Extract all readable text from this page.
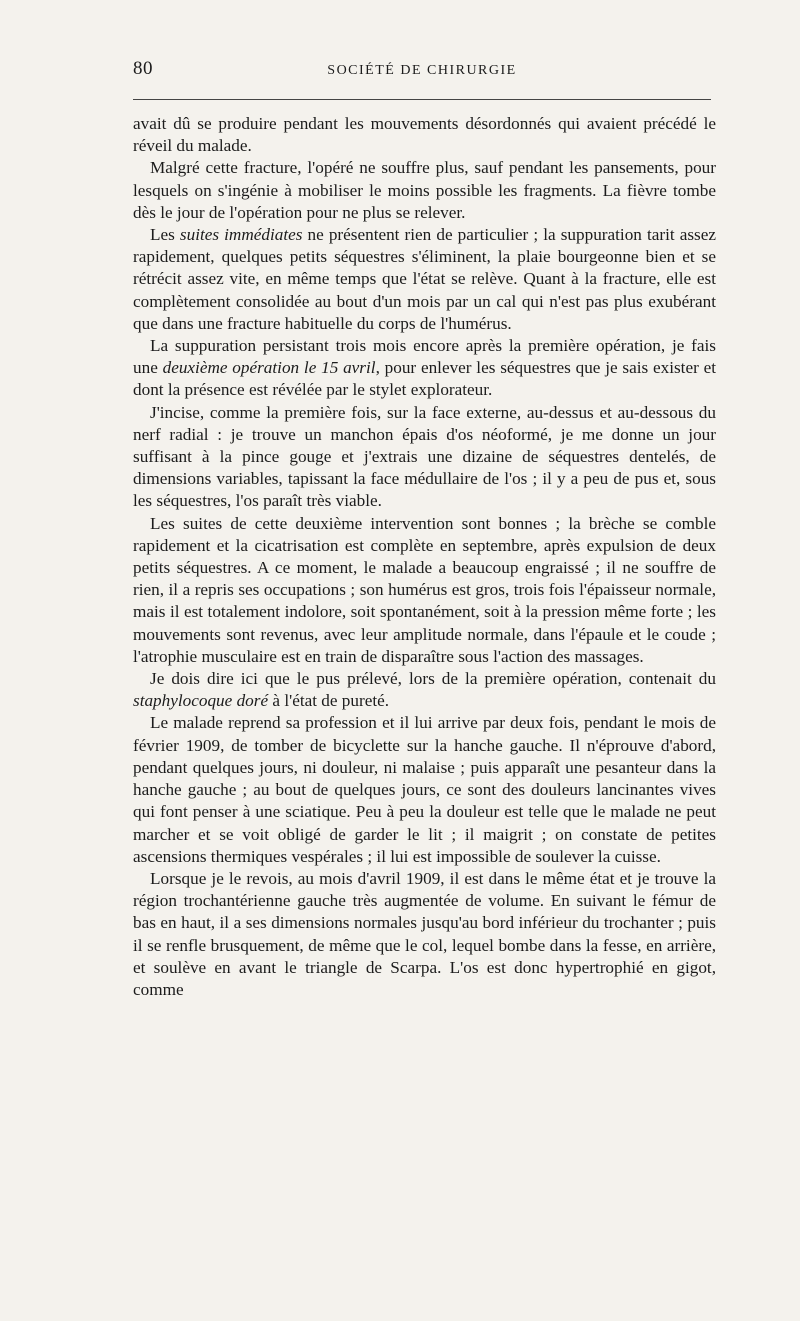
80	SOCIÉTÉ DE CHIRURGIE

avait dû se produire pendant les mouvements désordonnés qui avaient précédé le réveil du malade.

Malgré cette fracture, l'opéré ne souffre plus, sauf pendant les pansements, pour lesquels on s'ingénie à mobiliser le moins possible les fragments. La fièvre tombe dès le jour de l'opération pour ne plus se relever.

Les suites immédiates ne présentent rien de particulier ; la suppuration tarit assez rapidement, quelques petits séquestres s'éliminent, la plaie bourgeonne bien et se rétrécit assez vite, en même temps que l'état se relève. Quant à la fracture, elle est complètement consolidée au bout d'un mois par un cal qui n'est pas plus exubérant que dans une fracture habituelle du corps de l'humérus.

La suppuration persistant trois mois encore après la première opération, je fais une deuxième opération le 15 avril, pour enlever les séquestres que je sais exister et dont la présence est révélée par le stylet explorateur.

J'incise, comme la première fois, sur la face externe, au-dessus et au-dessous du nerf radial : je trouve un manchon épais d'os néoformé, je me donne un jour suffisant à la pince gouge et j'extrais une dizaine de séquestres dentelés, de dimensions variables, tapissant la face médullaire de l'os ; il y a peu de pus et, sous les séquestres, l'os paraît très viable.

Les suites de cette deuxième intervention sont bonnes ; la brèche se comble rapidement et la cicatrisation est complète en septembre, après expulsion de deux petits séquestres. A ce moment, le malade a beaucoup engraissé ; il ne souffre de rien, il a repris ses occupations ; son humérus est gros, trois fois l'épaisseur normale, mais il est totalement indolore, soit spontanément, soit à la pression même forte ; les mouvements sont revenus, avec leur amplitude normale, dans l'épaule et le coude ; l'atrophie musculaire est en train de disparaître sous l'action des massages.

Je dois dire ici que le pus prélevé, lors de la première opération, contenait du staphylocoque doré à l'état de pureté.

Le malade reprend sa profession et il lui arrive par deux fois, pendant le mois de février 1909, de tomber de bicyclette sur la hanche gauche. Il n'éprouve d'abord, pendant quelques jours, ni douleur, ni malaise ; puis apparaît une pesanteur dans la hanche gauche ; au bout de quelques jours, ce sont des douleurs lancinantes vives qui font penser à une sciatique. Peu à peu la douleur est telle que le malade ne peut marcher et se voit obligé de garder le lit ; il maigrit ; on constate de petites ascensions thermiques vespérales ; il lui est impossible de soulever la cuisse.

Lorsque je le revois, au mois d'avril 1909, il est dans le même état et je trouve la région trochantérienne gauche très augmentée de volume. En suivant le fémur de bas en haut, il a ses dimensions normales jusqu'au bord inférieur du trochanter ; puis il se renfle brusquement, de même que le col, lequel bombe dans la fesse, en arrière, et soulève en avant le triangle de Scarpa. L'os est donc hypertrophié en gigot, comme
